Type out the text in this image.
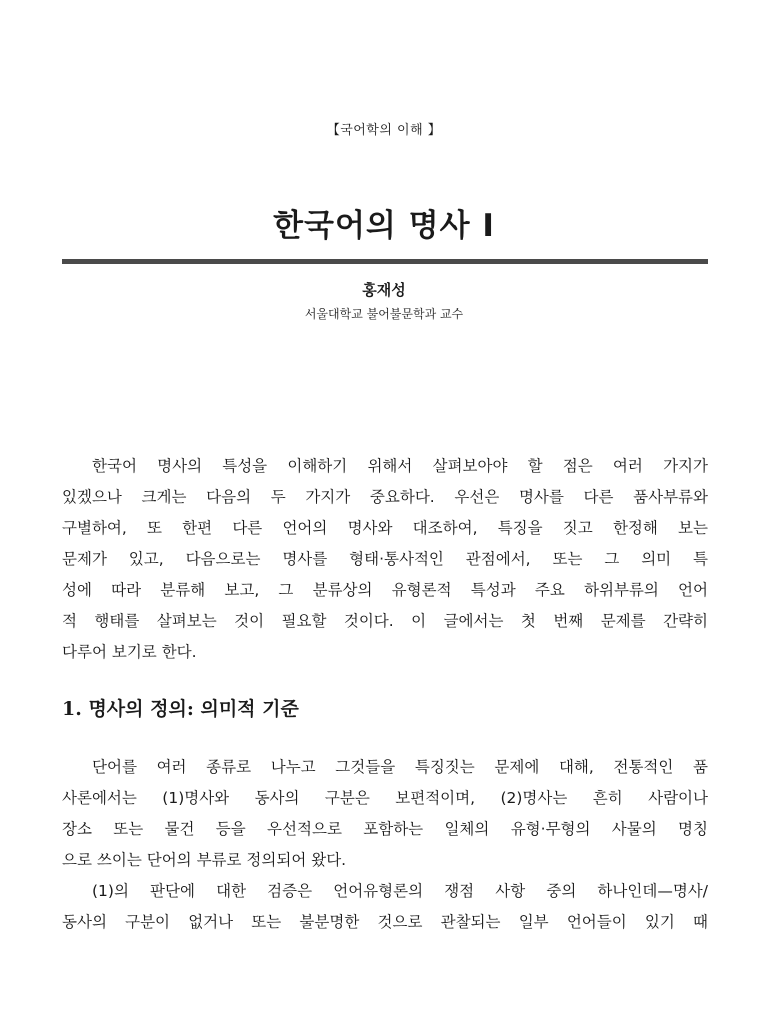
【국어학의 이해 】
한국어의 명사 Ⅰ
홍재성
서울대학교 불어불문학과 교수
한국어 명사의 특성을 이해하기 위해서 살펴보아야 할 점은 여러 가지가
있겠으나 크게는 다음의 두 가지가 중요하다. 우선은 명사를 다른 품사부류와
구별하여, 또 한편 다른 언어의 명사와 대조하여, 특징을 짓고 한정해 보는
문제가 있고, 다음으로는 명사를 형태·통사적인 관점에서, 또는 그 의미 특
성에 따라 분류해 보고, 그 분류상의 유형론적 특성과 주요 하위부류의 언어
적 행태를 살펴보는 것이 필요할 것이다. 이 글에서는 첫 번째 문제를 간략히
다루어 보기로 한다.
1. 명사의 정의: 의미적 기준
단어를 여러 종류로 나누고 그것들을 특징짓는 문제에 대해, 전통적인 품
사론에서는 (1)명사와 동사의 구분은 보편적이며, (2)명사는 흔히 사람이나
장소 또는 물건 등을 우선적으로 포함하는 일체의 유형·무형의 사물의 명칭
으로 쓰이는 단어의 부류로 정의되어 왔다.
(1)의 판단에 대한 검증은 언어유형론의 쟁점 사항 중의 하나인데—명사/
동사의 구분이 없거나 또는 불분명한 것으로 관찰되는 일부 언어들이 있기 때
